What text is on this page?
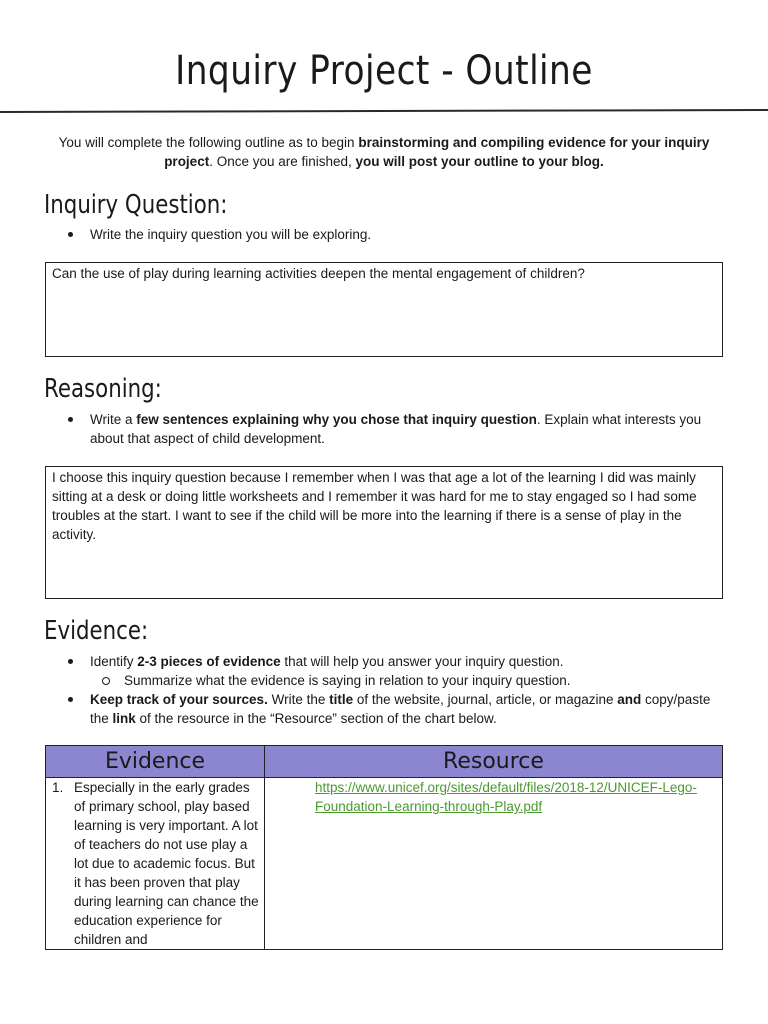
Inquiry Project - Outline
You will complete the following outline as to begin brainstorming and compiling evidence for your inquiry project. Once you are finished, you will post your outline to your blog.
Inquiry Question:
Write the inquiry question you will be exploring.
Can the use of play during learning activities deepen the mental engagement of children?
Reasoning:
Write a few sentences explaining why you chose that inquiry question. Explain what interests you about that aspect of child development.
I choose this inquiry question because I remember when I was that age a lot of the learning I did was mainly sitting at a desk or doing little worksheets and I remember it was hard for me to stay engaged so I had some troubles at the start. I want to see if the child will be more into the learning if there is a sense of play in the activity.
Evidence:
Identify 2-3 pieces of evidence that will help you answer your inquiry question.
Summarize what the evidence is saying in relation to your inquiry question.
Keep track of your sources. Write the title of the website, journal, article, or magazine and copy/paste the link of the resource in the “Resource” section of the chart below.
Evidence	Resource
1. Especially in the early grades of primary school, play based learning is very important. A lot of teachers do not use play a lot due to academic focus. But it has been proven that play during learning can chance the education experience for children and	https://www.unicef.org/sites/default/files/2018-12/UNICEF-Lego-Foundation-Learning-through-Play.pdf
